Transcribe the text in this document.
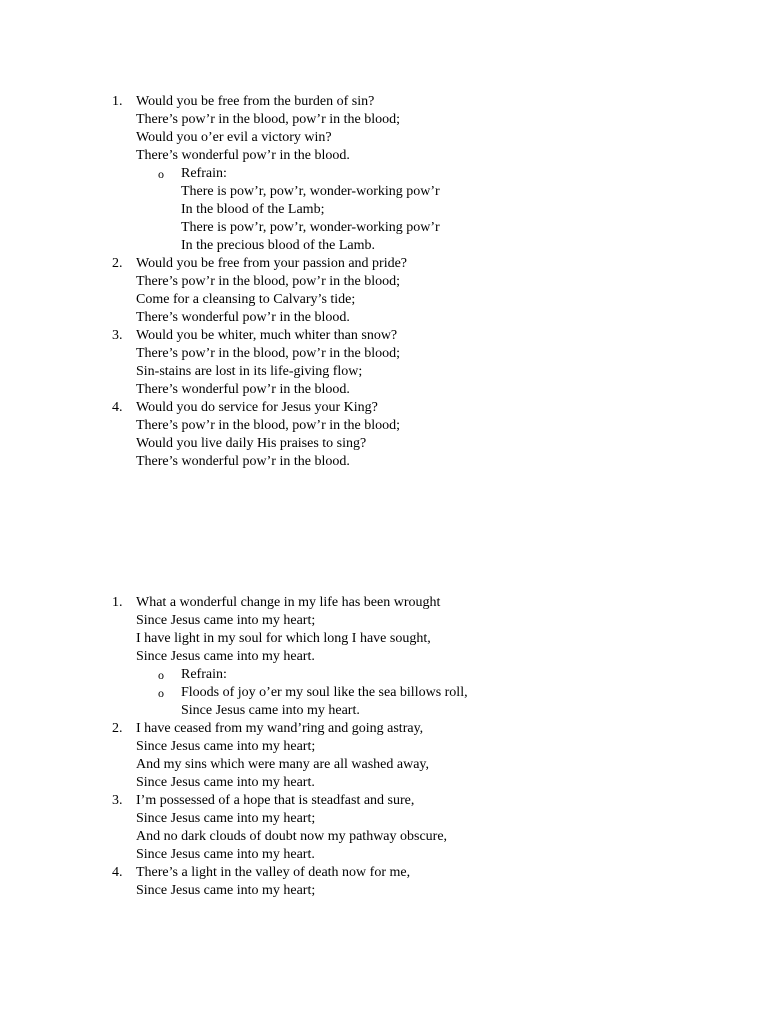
1. Would you be free from the burden of sin?
There’s pow’r in the blood, pow’r in the blood;
Would you o’er evil a victory win?
There’s wonderful pow’r in the blood.
o Refrain:
There is pow’r, pow’r, wonder-working pow’r
In the blood of the Lamb;
There is pow’r, pow’r, wonder-working pow’r
In the precious blood of the Lamb.
2. Would you be free from your passion and pride?
There’s pow’r in the blood, pow’r in the blood;
Come for a cleansing to Calvary’s tide;
There’s wonderful pow’r in the blood.
3. Would you be whiter, much whiter than snow?
There’s pow’r in the blood, pow’r in the blood;
Sin-stains are lost in its life-giving flow;
There’s wonderful pow’r in the blood.
4. Would you do service for Jesus your King?
There’s pow’r in the blood, pow’r in the blood;
Would you live daily His praises to sing?
There’s wonderful pow’r in the blood.
1. What a wonderful change in my life has been wrought
Since Jesus came into my heart;
I have light in my soul for which long I have sought,
Since Jesus came into my heart.
o Refrain:
o Floods of joy o’er my soul like the sea billows roll,
Since Jesus came into my heart.
2. I have ceased from my wand’ring and going astray,
Since Jesus came into my heart;
And my sins which were many are all washed away,
Since Jesus came into my heart.
3. I’m possessed of a hope that is steadfast and sure,
Since Jesus came into my heart;
And no dark clouds of doubt now my pathway obscure,
Since Jesus came into my heart.
4. There’s a light in the valley of death now for me,
Since Jesus came into my heart;
